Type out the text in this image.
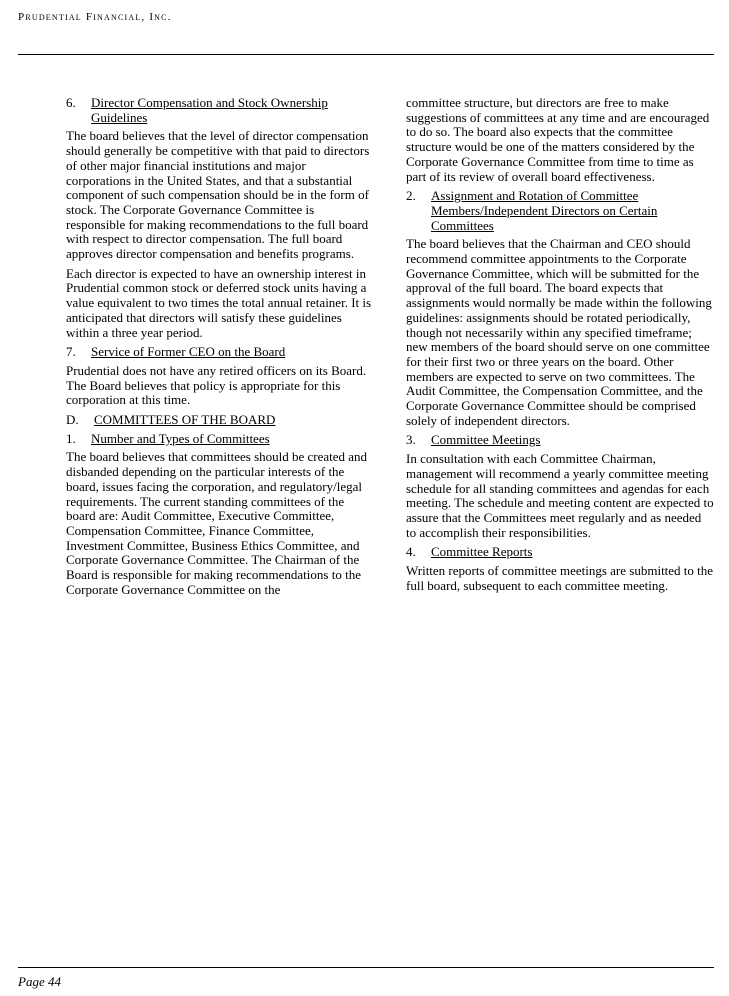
Prudential Financial, Inc.
6.	Director Compensation and Stock Ownership Guidelines

The board believes that the level of director compensation should generally be competitive with that paid to directors of other major financial institutions and major corporations in the United States, and that a substantial component of such compensation should be in the form of stock. The Corporate Governance Committee is responsible for making recommendations to the full board with respect to director compensation. The full board approves director compensation and benefits programs.

Each director is expected to have an ownership interest in Prudential common stock or deferred stock units having a value equivalent to two times the total annual retainer. It is anticipated that directors will satisfy these guidelines within a three year period.

7.	Service of Former CEO on the Board

Prudential does not have any retired officers on its Board. The Board believes that policy is appropriate for this corporation at this time.

D.	COMMITTEES OF THE BOARD
1.	Number and Types of Committees

The board believes that committees should be created and disbanded depending on the particular interests of the board, issues facing the corporation, and regulatory/legal requirements. The current standing committees of the board are: Audit Committee, Executive Committee, Compensation Committee, Finance Committee, Investment Committee, Business Ethics Committee, and Corporate Governance Committee. The Chairman of the Board is responsible for making recommendations to the Corporate Governance Committee on the

committee structure, but directors are free to make suggestions of committees at any time and are encouraged to do so. The board also expects that the committee structure would be one of the matters considered by the Corporate Governance Committee from time to time as part of its review of overall board effectiveness.

2.	Assignment and Rotation of Committee Members/Independent Directors on Certain Committees

The board believes that the Chairman and CEO should recommend committee appointments to the Corporate Governance Committee, which will be submitted for the approval of the full board. The board expects that assignments would normally be made within the following guidelines: assignments should be rotated periodically, though not necessarily within any specified timeframe; new members of the board should serve on one committee for their first two or three years on the board. Other members are expected to serve on two committees. The Audit Committee, the Compensation Committee, and the Corporate Governance Committee should be comprised solely of independent directors.

3.	Committee Meetings

In consultation with each Committee Chairman, management will recommend a yearly committee meeting schedule for all standing committees and agendas for each meeting. The schedule and meeting content are expected to assure that the Committees meet regularly and as needed to accomplish their responsibilities.

4.	Committee Reports

Written reports of committee meetings are submitted to the full board, subsequent to each committee meeting.

Page 44
